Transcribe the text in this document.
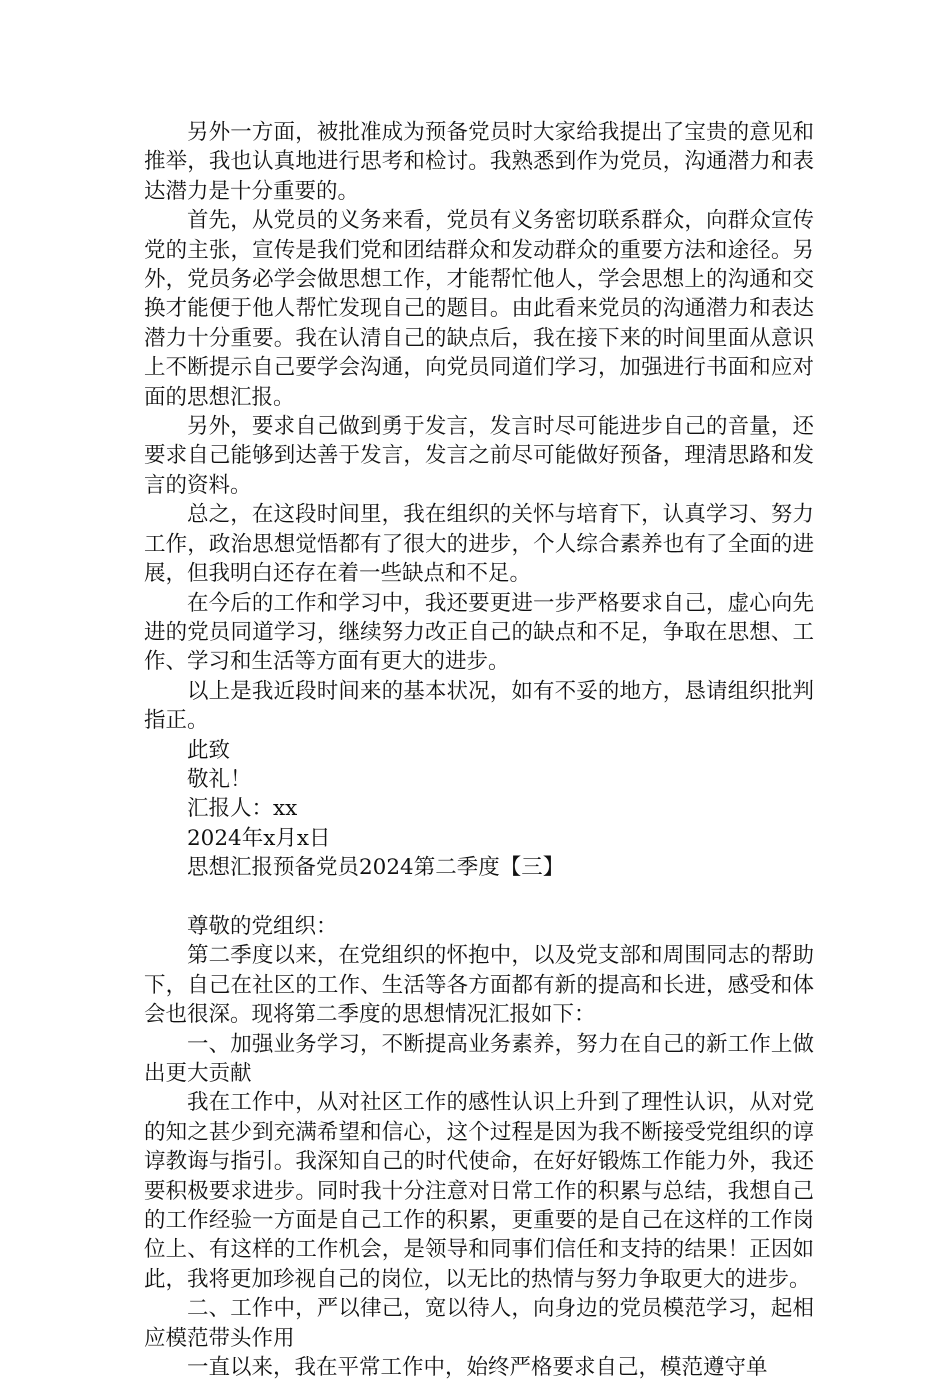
另外一方面，被批准成为预备党员时大家给我提出了宝贵的意见和推举，我也认真地进行思考和检讨。我熟悉到作为党员，沟通潜力和表达潜力是十分重要的。

首先，从党员的义务来看，党员有义务密切联系群众，向群众宣传党的主张，宣传是我们党和团结群众和发动群众的重要方法和途径。另外，党员务必学会做思想工作，才能帮忙他人，学会思想上的沟通和交换才能便于他人帮忙发现自己的题目。由此看来党员的沟通潜力和表达潜力十分重要。我在认清自己的缺点后，我在接下来的时间里面从意识上不断提示自己要学会沟通，向党员同道们学习，加强进行书面和应对面的思想汇报。

另外，要求自己做到勇于发言，发言时尽可能进步自己的音量，还要求自己能够到达善于发言，发言之前尽可能做好预备，理清思路和发言的资料。

总之，在这段时间里，我在组织的关怀与培育下，认真学习、努力工作，政治思想觉悟都有了很大的进步，个人综合素养也有了全面的进展，但我明白还存在着一些缺点和不足。

在今后的工作和学习中，我还要更进一步严格要求自己，虚心向先进的党员同道学习，继续努力改正自己的缺点和不足，争取在思想、工作、学习和生活等方面有更大的进步。

以上是我近段时间来的基本状况，如有不妥的地方，恳请组织批判指正。

此致

敬礼！

汇报人：xx

2024年x月x日

思想汇报预备党员2024第二季度【三】

尊敬的党组织：

第二季度以来，在党组织的怀抱中，以及党支部和周围同志的帮助下，自己在社区的工作、生活等各方面都有新的提高和长进，感受和体会也很深。现将第二季度的思想情况汇报如下：

一、加强业务学习，不断提高业务素养，努力在自己的新工作上做出更大贡献

我在工作中，从对社区工作的感性认识上升到了理性认识，从对党的知之甚少到充满希望和信心，这个过程是因为我不断接受党组织的谆谆教诲与指引。我深知自己的时代使命，在好好锻炼工作能力外，我还要积极要求进步。同时我十分注意对日常工作的积累与总结，我想自己的工作经验一方面是自己工作的积累，更重要的是自己在这样的工作岗位上、有这样的工作机会，是领导和同事们信任和支持的结果！正因如此，我将更加珍视自己的岗位，以无比的热情与努力争取更大的进步。

二、工作中，严以律己，宽以待人，向身边的党员模范学习，起相应模范带头作用

一直以来，我在平常工作中，始终严格要求自己，模范遵守单
